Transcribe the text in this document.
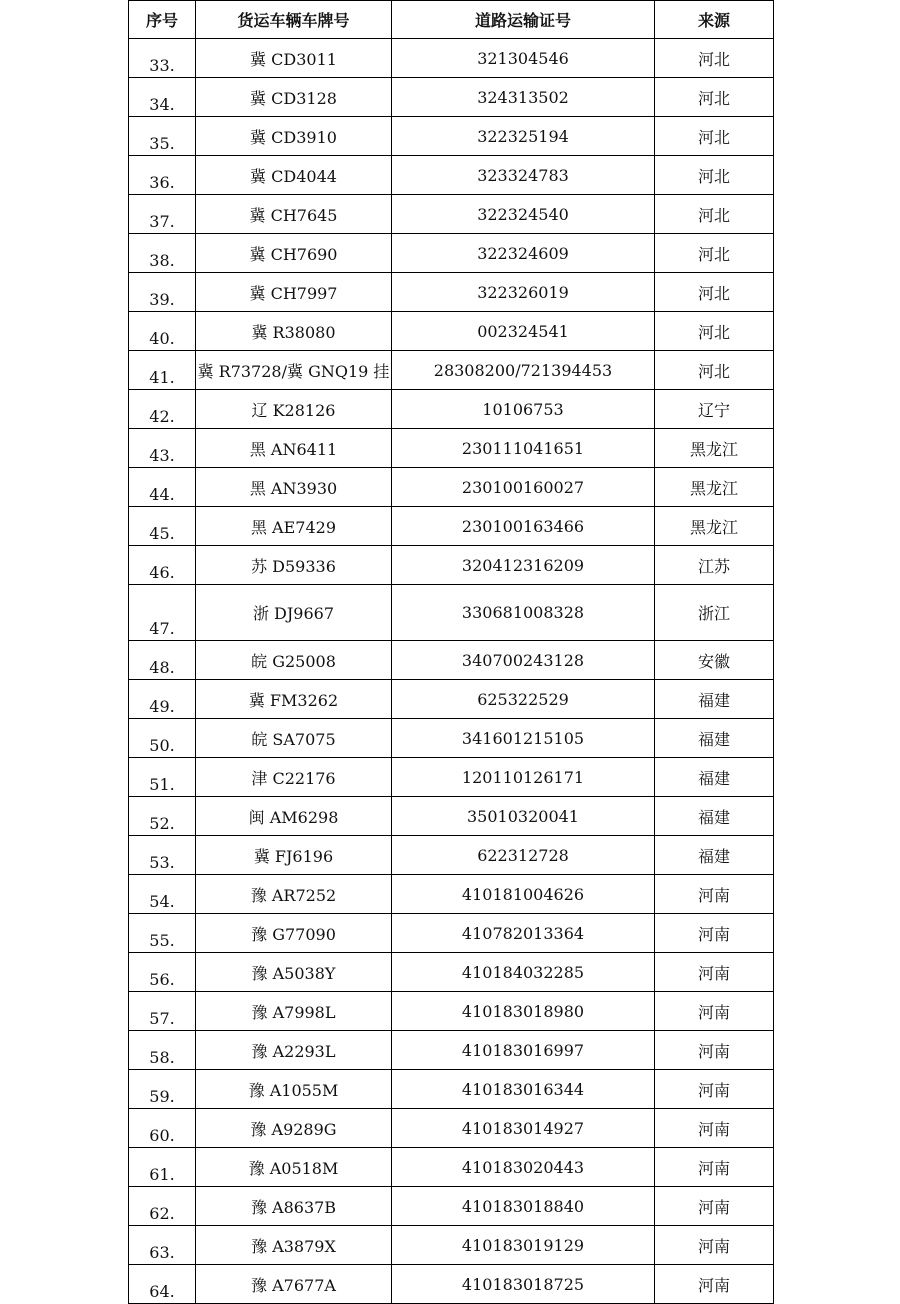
序号	货运车辆车牌号	道路运输证号	来源
33.	冀 CD3011	321304546	河北
34.	冀 CD3128	324313502	河北
35.	冀 CD3910	322325194	河北
36.	冀 CD4044	323324783	河北
37.	冀 CH7645	322324540	河北
38.	冀 CH7690	322324609	河北
39.	冀 CH7997	322326019	河北
40.	冀 R38080	002324541	河北
41.	冀 R73728/冀 GNQ19 挂	28308200/721394453	河北
42.	辽 K28126	10106753	辽宁
43.	黑 AN6411	230111041651	黑龙江
44.	黑 AN3930	230100160027	黑龙江
45.	黑 AE7429	230100163466	黑龙江
46.	苏 D59336	320412316209	江苏
47.	浙 DJ9667	330681008328	浙江
48.	皖 G25008	340700243128	安徽
49.	冀 FM3262	625322529	福建
50.	皖 SA7075	341601215105	福建
51.	津 C22176	120110126171	福建
52.	闽 AM6298	35010320041	福建
53.	冀 FJ6196	622312728	福建
54.	豫 AR7252	410181004626	河南
55.	豫 G77090	410782013364	河南
56.	豫 A5038Y	410184032285	河南
57.	豫 A7998L	410183018980	河南
58.	豫 A2293L	410183016997	河南
59.	豫 A1055M	410183016344	河南
60.	豫 A9289G	410183014927	河南
61.	豫 A0518M	410183020443	河南
62.	豫 A8637B	410183018840	河南
63.	豫 A3879X	410183019129	河南
64.	豫 A7677A	410183018725	河南
